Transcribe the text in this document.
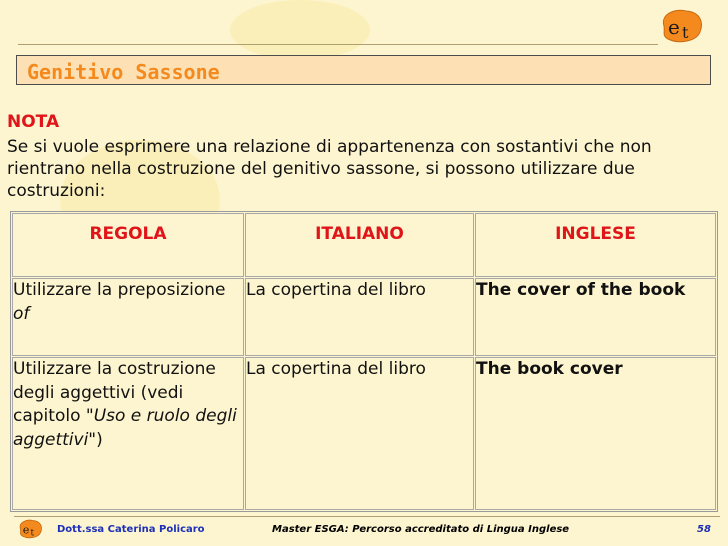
e t
Genitivo Sassone
NOTA
Se si vuole esprimere una relazione di appartenenza con sostantivi che non rientrano nella costruzione del genitivo sassone, si possono utilizzare due costruzioni:
REGOLA	ITALIANO	INGLESE

Utilizzare la preposizione of	La copertina del libro	The cover of the book
Utilizzare la costruzione degli aggettivi (vedi capitolo "Uso e ruolo degli aggettivi")	La copertina del libro	The book cover
e t Dott.ssa Caterina Policaro	Master ESGA: Percorso accreditato di Lingua Inglese	58
